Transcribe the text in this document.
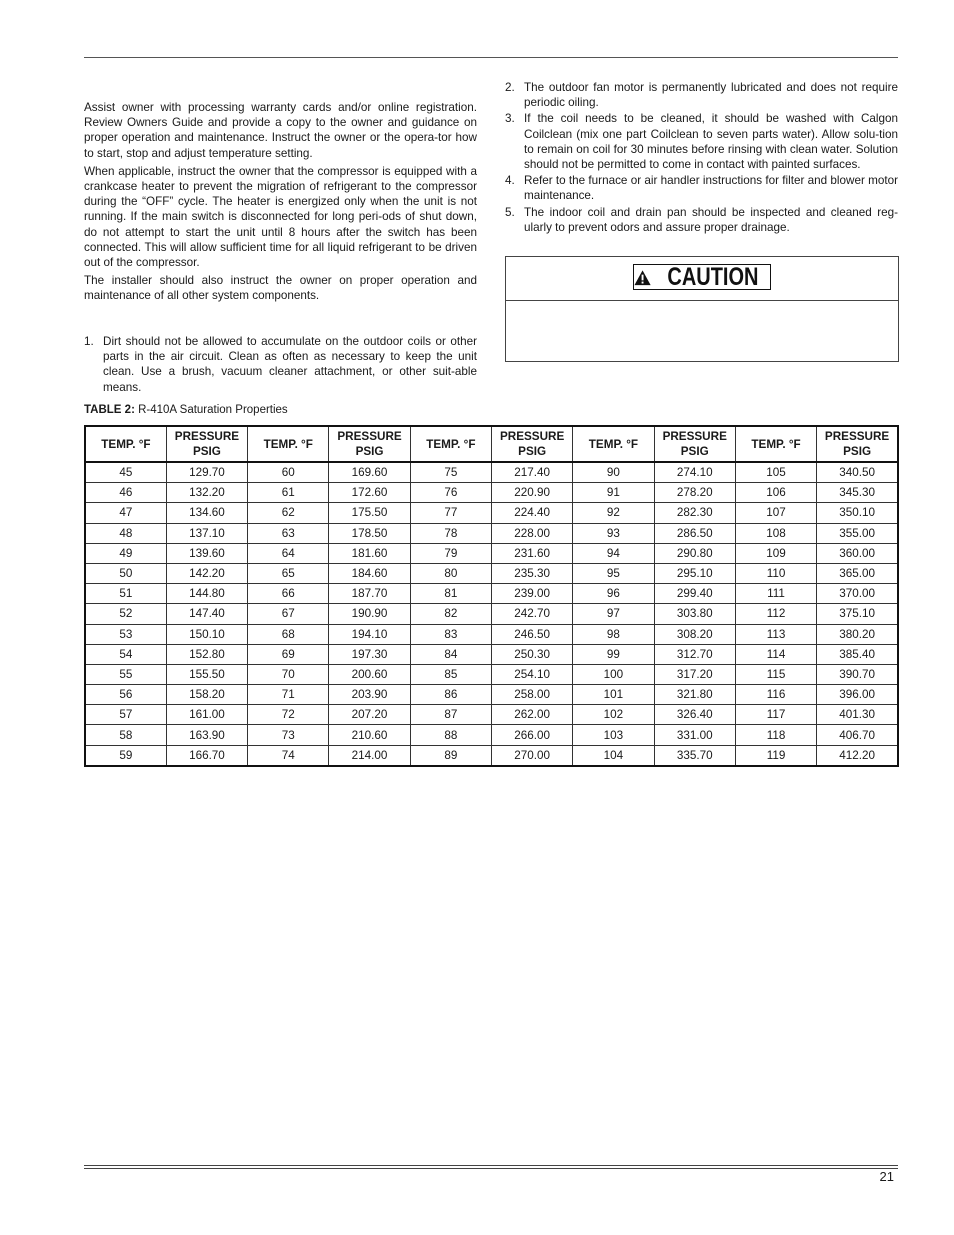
Assist owner with processing warranty cards and/or online registration. Review Owners Guide and provide a copy to the owner and guidance on proper operation and maintenance. Instruct the owner or the opera-tor how to start, stop and adjust temperature setting.

When applicable, instruct the owner that the compressor is equipped with a crankcase heater to prevent the migration of refrigerant to the compressor during the “OFF” cycle. The heater is energized only when the unit is not running. If the main switch is disconnected for long peri-ods of shut down, do not attempt to start the unit until 8 hours after the switch has been connected. This will allow sufficient time for all liquid refrigerant to be driven out of the compressor.

The installer should also instruct the owner on proper operation and maintenance of all other system components.

1. Dirt should not be allowed to accumulate on the outdoor coils or other parts in the air circuit. Clean as often as necessary to keep the unit clean. Use a brush, vacuum cleaner attachment, or other suit-able means.
2. The outdoor fan motor is permanently lubricated and does not require periodic oiling.
3. If the coil needs to be cleaned, it should be washed with Calgon Coilclean (mix one part Coilclean to seven parts water). Allow solu-tion to remain on coil for 30 minutes before rinsing with clean water. Solution should not be permitted to come in contact with painted surfaces.
4. Refer to the furnace or air handler instructions for filter and blower motor maintenance.
5. The indoor coil and drain pan should be inspected and cleaned reg-ularly to prevent odors and assure proper drainage.
CAUTION
TABLE 2: R-410A Saturation Properties
TEMP. °F	PRESSURE PSIG	TEMP. °F	PRESSURE PSIG	TEMP. °F	PRESSURE PSIG	TEMP. °F	PRESSURE PSIG	TEMP. °F	PRESSURE PSIG
45	129.70	60	169.60	75	217.40	90	274.10	105	340.50
46	132.20	61	172.60	76	220.90	91	278.20	106	345.30
47	134.60	62	175.50	77	224.40	92	282.30	107	350.10
48	137.10	63	178.50	78	228.00	93	286.50	108	355.00
49	139.60	64	181.60	79	231.60	94	290.80	109	360.00
50	142.20	65	184.60	80	235.30	95	295.10	110	365.00
51	144.80	66	187.70	81	239.00	96	299.40	111	370.00
52	147.40	67	190.90	82	242.70	97	303.80	112	375.10
53	150.10	68	194.10	83	246.50	98	308.20	113	380.20
54	152.80	69	197.30	84	250.30	99	312.70	114	385.40
55	155.50	70	200.60	85	254.10	100	317.20	115	390.70
56	158.20	71	203.90	86	258.00	101	321.80	116	396.00
57	161.00	72	207.20	87	262.00	102	326.40	117	401.30
58	163.90	73	210.60	88	266.00	103	331.00	118	406.70
59	166.70	74	214.00	89	270.00	104	335.70	119	412.20
21
